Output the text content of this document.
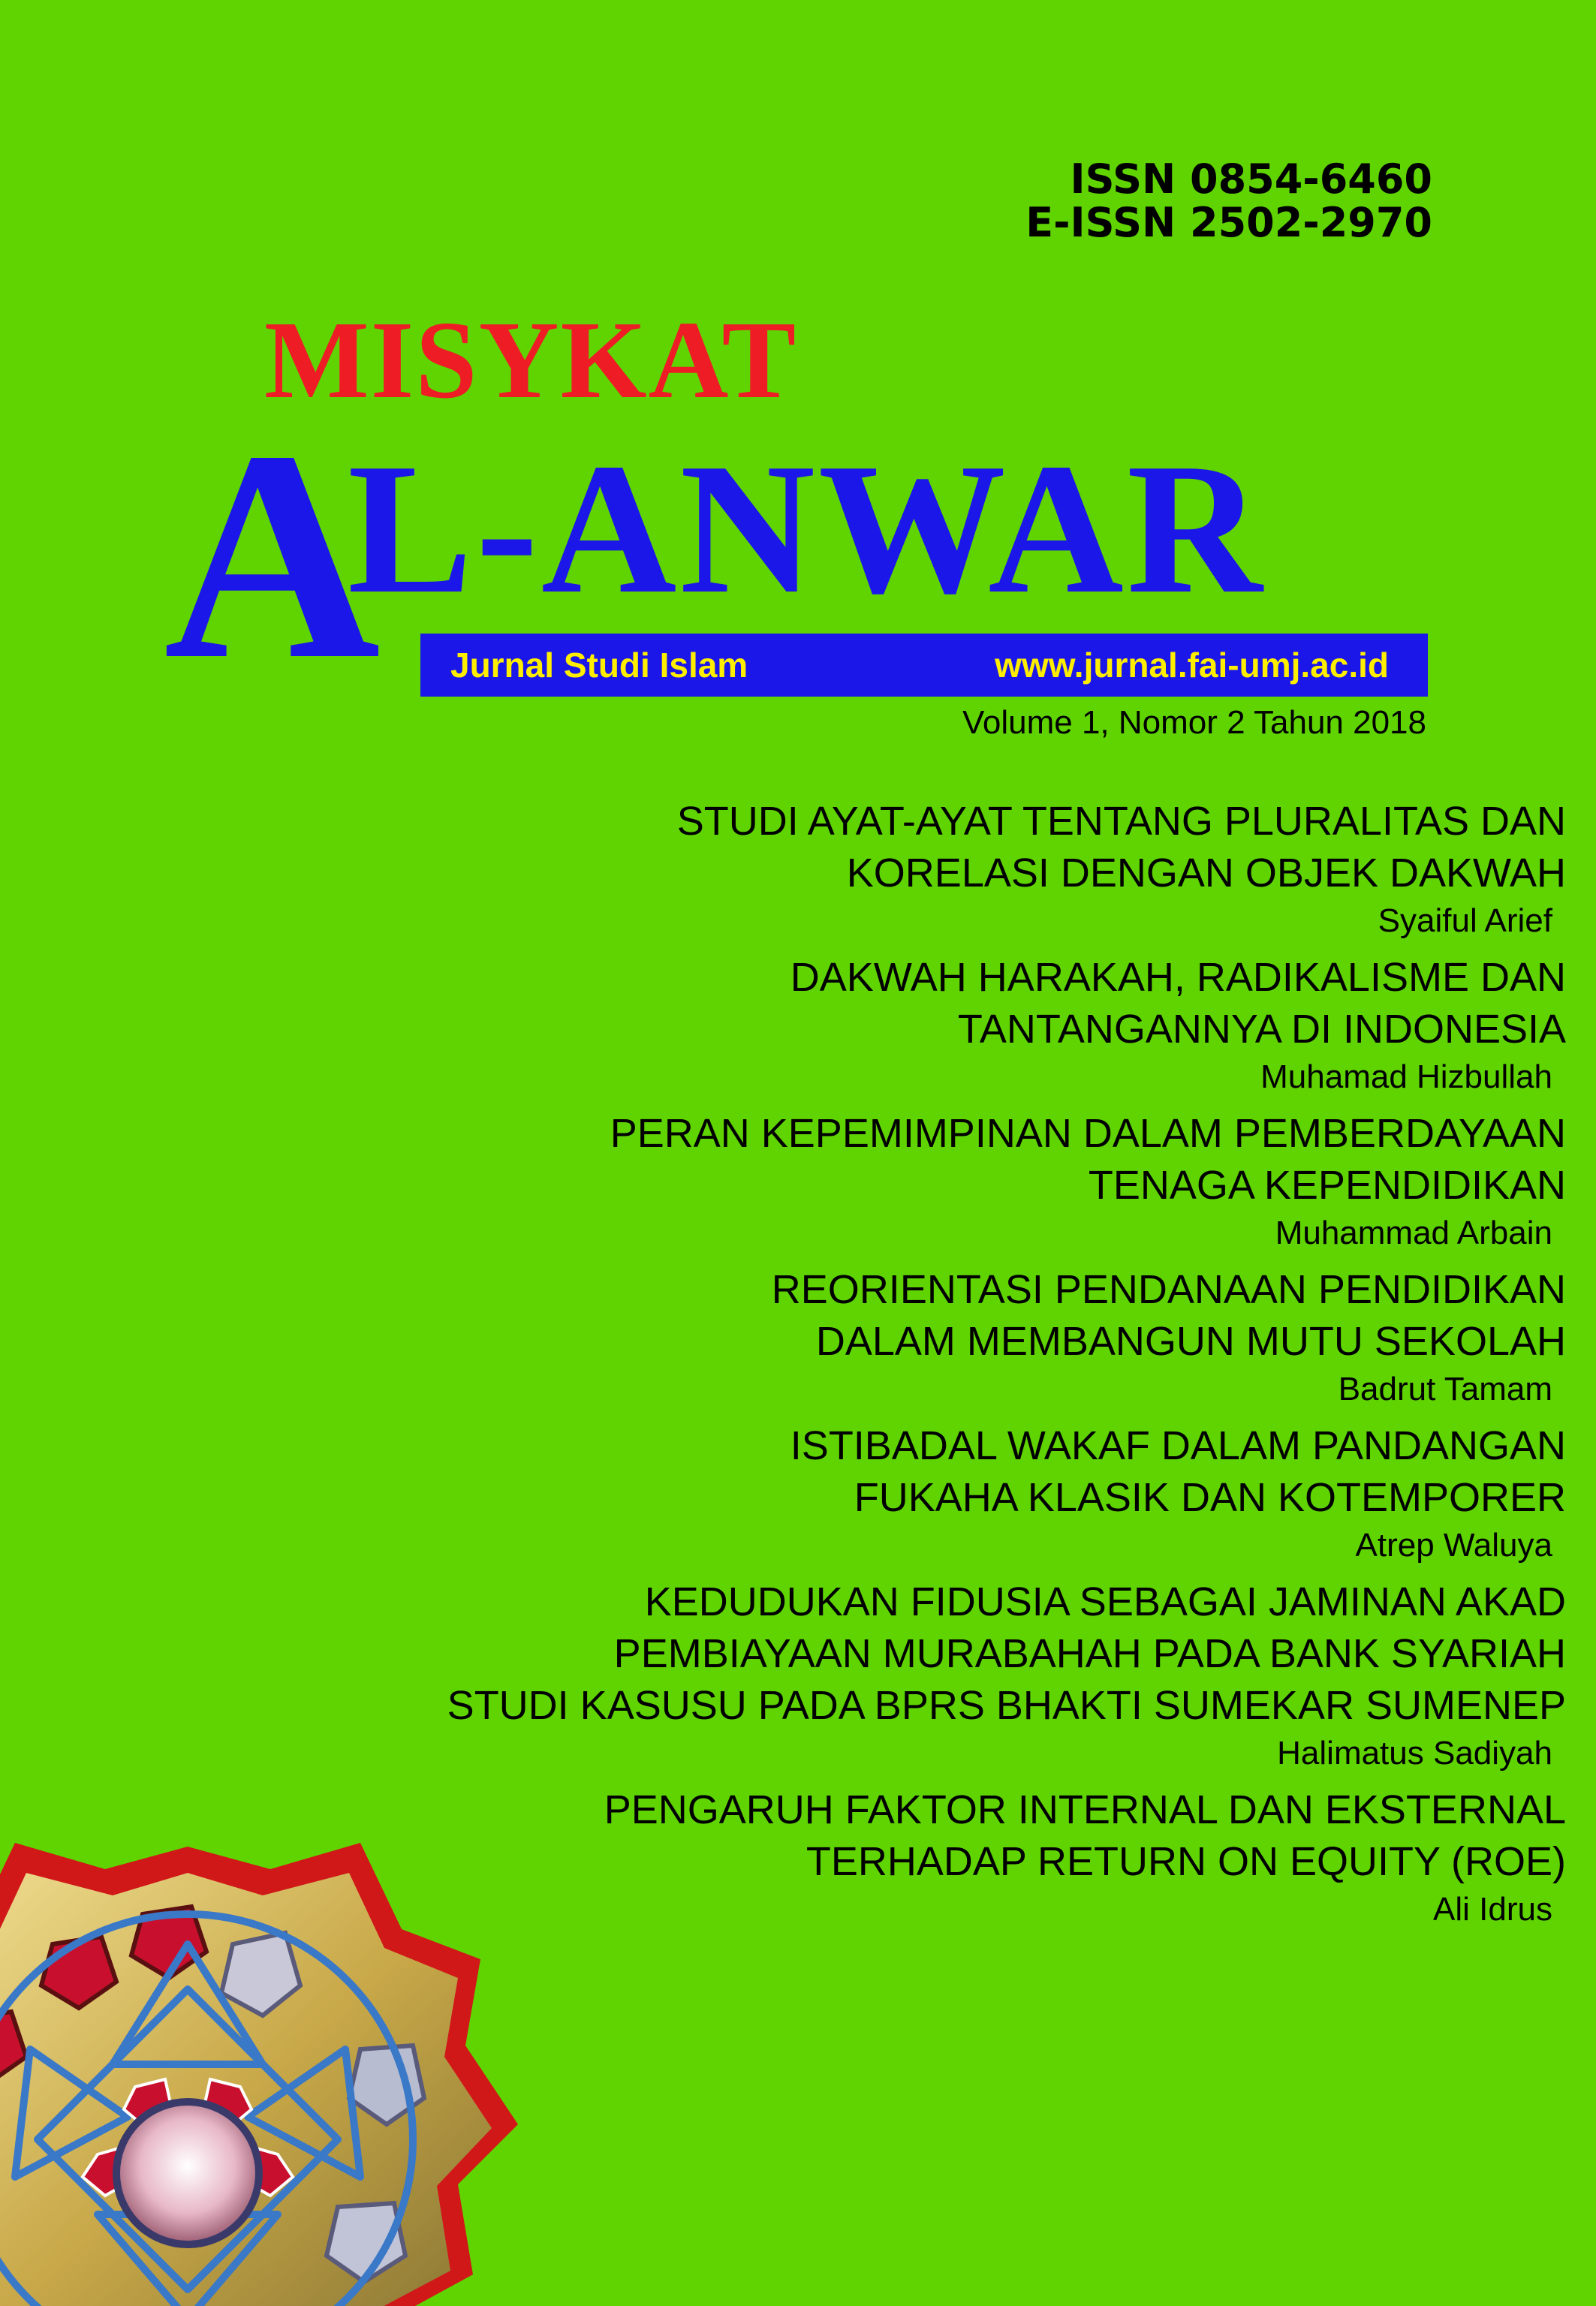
ISSN 0854-6460
E-ISSN 2502-2970
MISYKAT
AL-ANWAR
Jurnal Studi Islam	www.jurnal.fai-umj.ac.id
Volume 1, Nomor 2 Tahun 2018
STUDI AYAT-AYAT TENTANG PLURALITAS DAN
KORELASI DENGAN OBJEK DAKWAH
Syaiful Arief
DAKWAH HARAKAH, RADIKALISME DAN
TANTANGANNYA DI INDONESIA
Muhamad Hizbullah
PERAN KEPEMIMPINAN DALAM PEMBERDAYAAN
TENAGA KEPENDIDIKAN
Muhammad Arbain
REORIENTASI PENDANAAN PENDIDIKAN
DALAM MEMBANGUN MUTU SEKOLAH
Badrut Tamam
ISTIBADAL WAKAF DALAM PANDANGAN
FUKAHA KLASIK DAN KOTEMPORER
Atrep Waluya
KEDUDUKAN FIDUSIA SEBAGAI JAMINAN AKAD
PEMBIAYAAN MURABAHAH PADA BANK SYARIAH
STUDI KASUSU PADA BPRS BHAKTI SUMEKAR SUMENEP
Halimatus Sadiyah
PENGARUH FAKTOR INTERNAL DAN EKSTERNAL
TERHADAP RETURN ON EQUITY (ROE)
Ali Idrus
